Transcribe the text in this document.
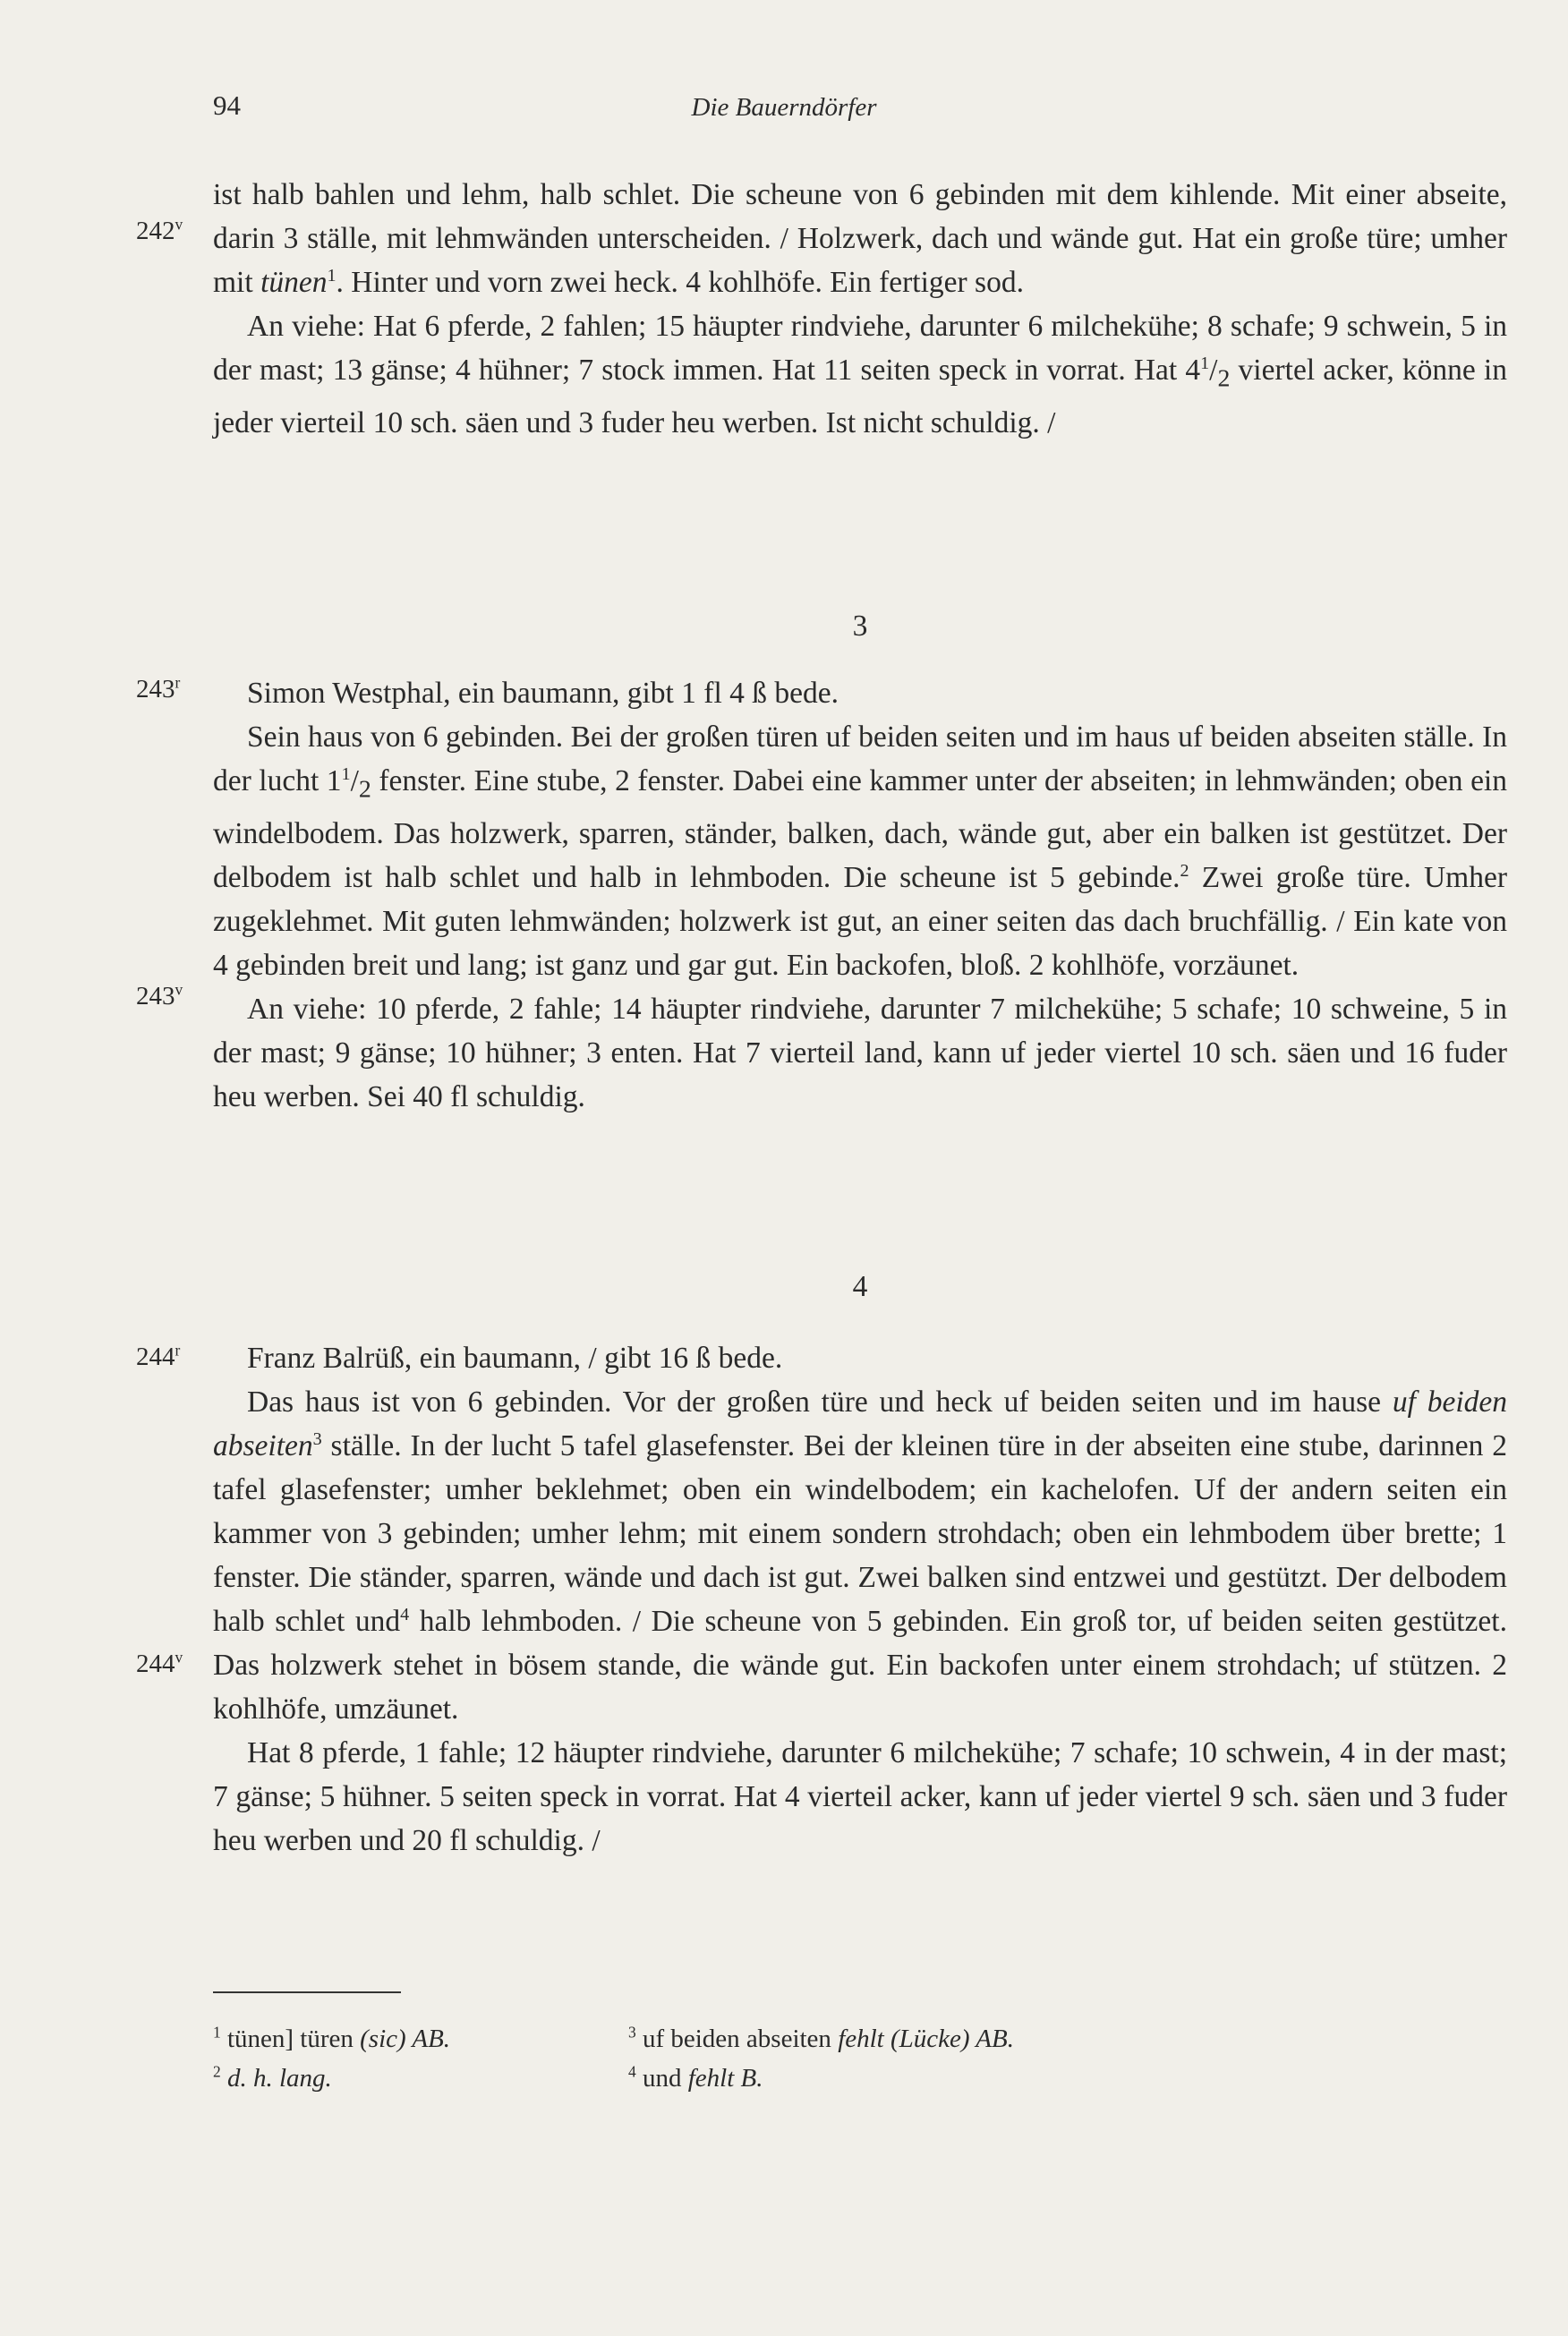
94	Die Bauerndörfer
242$^v$
243$^r$
243$^v$
244$^r$
244$^v$

ist halb bahlen und lehm, halb schlet. Die scheune von 6 gebinden mit dem kihlende. Mit einer abseite, darin 3 ställe, mit lehmwänden unterscheiden. / Holzwerk, dach und wände gut. Hat ein große türe; umher mit tünen$^1$. Hinter und vorn zwei heck. 4 kohlhöfe. Ein fertiger sod.

An viehe: Hat 6 pferde, 2 fahlen; 15 häupter rindviehe, darunter 6 milchekühe; 8 schafe; 9 schwein, 5 in der mast; 13 gänse; 4 hühner; 7 stock immen. Hat 11 seiten speck in vorrat. Hat $4^1/_2$ viertel acker, könne in jeder vierteil 10 sch. säen und 3 fuder heu werben. Ist nicht schuldig. /

3

Simon Westphal, ein baumann, gibt 1 fl 4 ß bede.

Sein haus von 6 gebinden. Bei der großen türen uf beiden seiten und im haus uf beiden abseiten ställe. In der lucht $1^1/_2$ fenster. Eine stube, 2 fenster. Dabei eine kammer unter der abseiten; in lehmwänden; oben ein windelbodem. Das holzwerk, sparren, ständer, balken, dach, wände gut, aber ein balken ist gestützet. Der delbodem ist halb schlet und halb in lehmboden. Die scheune ist 5 gebinde.$^2$ Zwei große türe. Umher zugeklehmet. Mit guten lehmwänden; holzwerk ist gut, an einer seiten das dach bruchfällig. / Ein kate von 4 gebinden breit und lang; ist ganz und gar gut. Ein backofen, bloß. 2 kohlhöfe, vorzäunet.

An viehe: 10 pferde, 2 fahle; 14 häupter rindviehe, darunter 7 milchekühe; 5 schafe; 10 schweine, 5 in der mast; 9 gänse; 10 hühner; 3 enten. Hat 7 vierteil land, kann uf jeder viertel 10 sch. säen und 16 fuder heu werben. Sei 40 fl schuldig.

4

Franz Balrüß, ein baumann, / gibt 16 ß bede.

Das haus ist von 6 gebinden. Vor der großen türe und heck uf beiden seiten und im hause uf beiden abseiten$^3$ ställe. In der lucht 5 tafel glasefenster. Bei der kleinen türe in der abseiten eine stube, darinnen 2 tafel glasefenster; umher beklehmet; oben ein windelbodem; ein kachelofen. Uf der andern seiten ein kammer von 3 gebinden; umher lehm; mit einem sondern strohdach; oben ein lehmbodem über brette; 1 fenster. Die ständer, sparren, wände und dach ist gut. Zwei balken sind entzwei und gestützt. Der delbodem halb schlet und$^4$ halb lehmboden. / Die scheune von 5 gebinden. Ein groß tor, uf beiden seiten gestützet. Das holzwerk stehet in bösem stande, die wände gut. Ein backofen unter einem strohdach; uf stützen. 2 kohlhöfe, umzäunet.

Hat 8 pferde, 1 fahle; 12 häupter rindviehe, darunter 6 milchekühe; 7 schafe; 10 schwein, 4 in der mast; 7 gänse; 5 hühner. 5 seiten speck in vorrat. Hat 4 vierteil acker, kann uf jeder viertel 9 sch. säen und 3 fuder heu werben und 20 fl schuldig. /

$^1$ tünen] türen (sic) AB.
$^2$ d. h. lang.
$^3$ uf beiden abseiten fehlt (Lücke) AB.
$^4$ und fehlt B.
